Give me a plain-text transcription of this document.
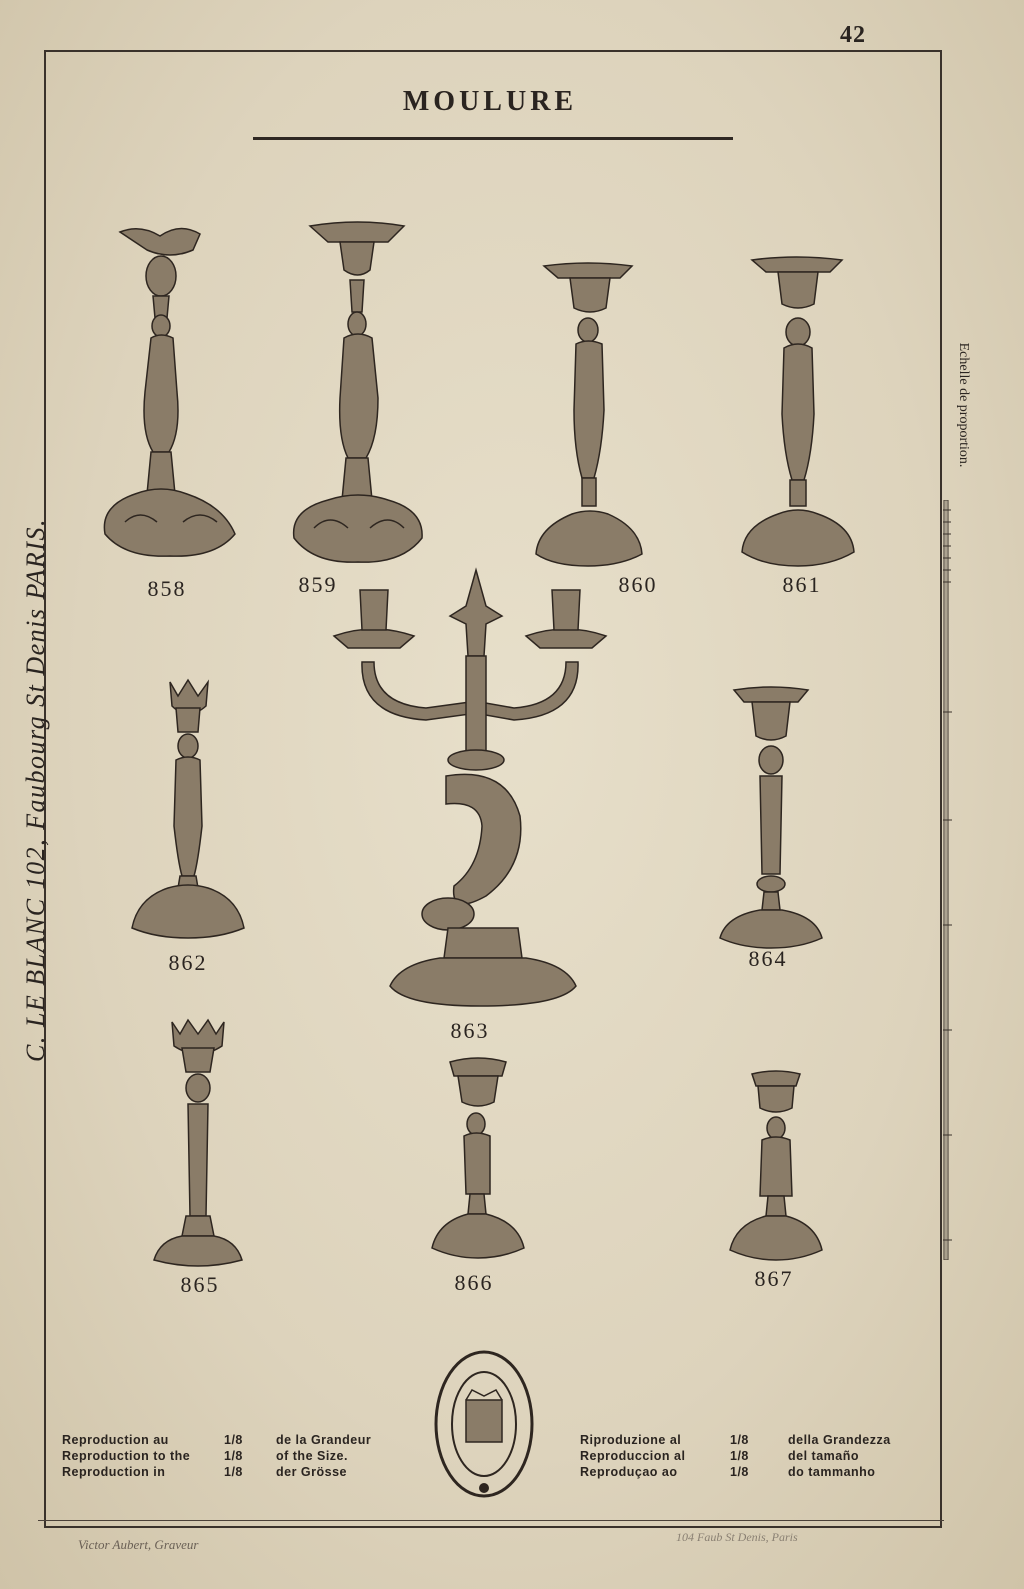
42
MOULURE
C. LE BLANC 102, Faubourg St Denis PARIS.
Echelle de proportion.
858	859	860	861
862
863
864
865	866	867
Reproduction au	1/8	de la Grandeur
Reproduction to the	1/8	of the Size.
Reproduction in	1/8	der Grösse
Riproduzione al	1/8	della Grandezza
Reproduccion al	1/8	del tamaño
Reproduçao ao	1/8	do tammanho
Victor Aubert, Graveur	104 Faub St Denis, Paris
